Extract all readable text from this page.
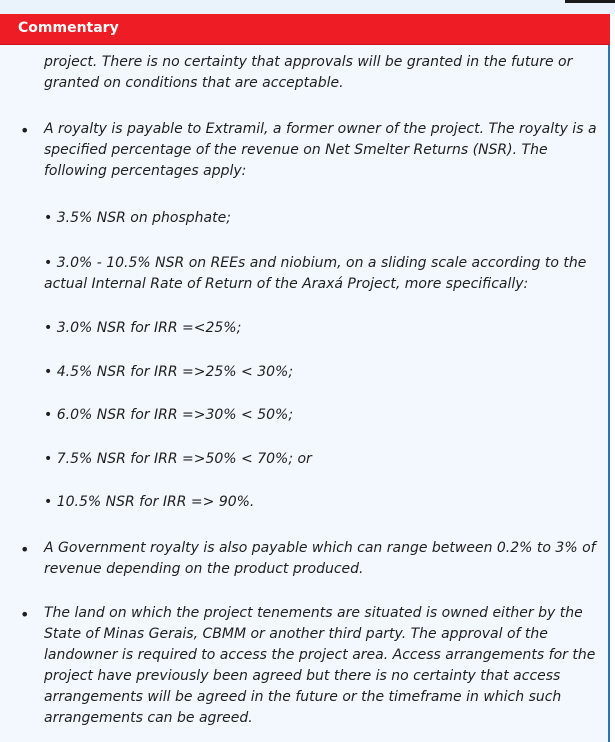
Commentary

project. There is no certainty that approvals will be granted in the future or granted on conditions that are acceptable.

• A royalty is payable to Extramil, a former owner of the project. The royalty is a specified percentage of the revenue on Net Smelter Returns (NSR). The following percentages apply:

• 3.5% NSR on phosphate;

• 3.0% - 10.5% NSR on REEs and niobium, on a sliding scale according to the actual Internal Rate of Return of the Araxá Project, more specifically:

• 3.0% NSR for IRR =<25%;

• 4.5% NSR for IRR =>25% < 30%;

• 6.0% NSR for IRR =>30% < 50%;

• 7.5% NSR for IRR =>50% < 70%; or

• 10.5% NSR for IRR => 90%.

• A Government royalty is also payable which can range between 0.2% to 3% of revenue depending on the product produced.

• The land on which the project tenements are situated is owned either by the State of Minas Gerais, CBMM or another third party. The approval of the landowner is required to access the project area. Access arrangements for the project have previously been agreed but there is no certainty that access arrangements will be agreed in the future or the timeframe in which such arrangements can be agreed.
